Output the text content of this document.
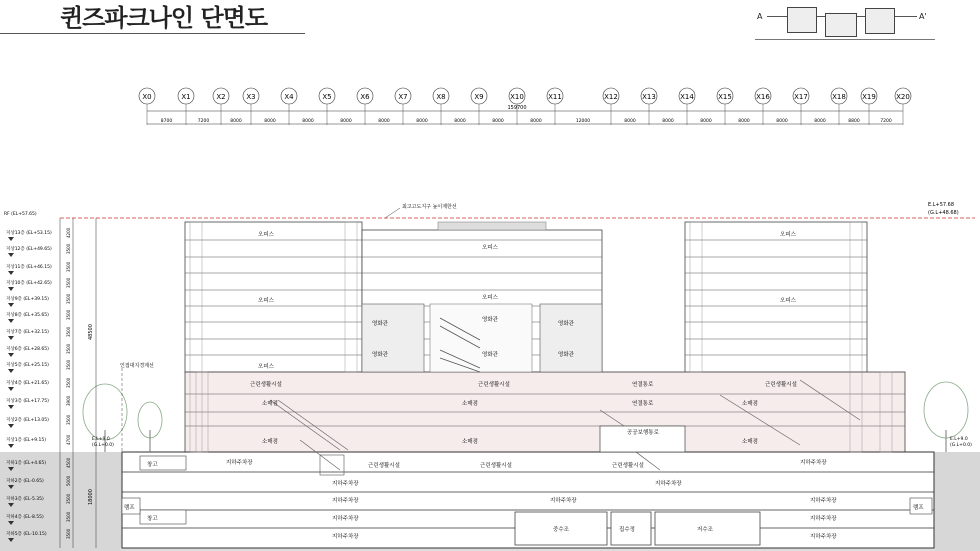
퀸즈파크나인 단면도	A	A'
X0	X1	X2	X3	X4	X5	X6	X7	X8	X9	X10	X11	X12	X13	X14	X15	X16	X17	X18 X19	X20
159700
8700	7200	8000	8000	8000	8000	8000	8000	8000	8000	8000	12000	8000	8000	8000	8000	8000	8000	8800	7200
최고고도지구 높이제한선	E.L+57.68
(G.L+48.68)
RF (EL+57.65)
지상13층 (EL+53.15)	4200
지상12층 (EL+49.65)	3500
지상11층 (EL+46.15)	3500
지상10층 (EL+42.65)	3500
지상9층 (EL+39.15)	3500
지상8층 (EL+35.65)	3500
지상7층 (EL+32.15)	3500
지상6층 (EL+28.65)	3500
지상5층 (EL+25.15)	3500
지상4층 (EL+21.65)	3500
지상3층 (EL+17.75)	3900
지상2층 (EL+13.05)	3500
지상1층 (EL+9.15)	4700
지하1층 (EL+4.65)	4500
지하2층 (EL-0.65)	5000
지하3층 (EL-5.35)	3500
지하4층 (EL-8.55)	3500
지하5층 (EL-10.15)	3500
48500
18000
인접대지경계선
E.L+9.0
(G.L+0.0)
E.L+9.0
(G.L+0.0)
오피스	오피스
오피스
오피스
오피스	오피스
오피스
영화관	영화관
영화관
영화관	영화관
영화관
근린생활시설	근린생활시설	근린생활시설
연결통로
연결통로
소매점	소매점	소매점
소매점	소매점	소매점
공공보행통로
지하주차장	지하주차장
근린생활시설	근린생활시설	근린생활시설
지하주차장	지하주차장
지하주차장	지하주차장	지하주차장
지하주차장	지하주차장
지하주차장	지하주차장
창고
창고
램프	램프
중수조	집수정	저수조
